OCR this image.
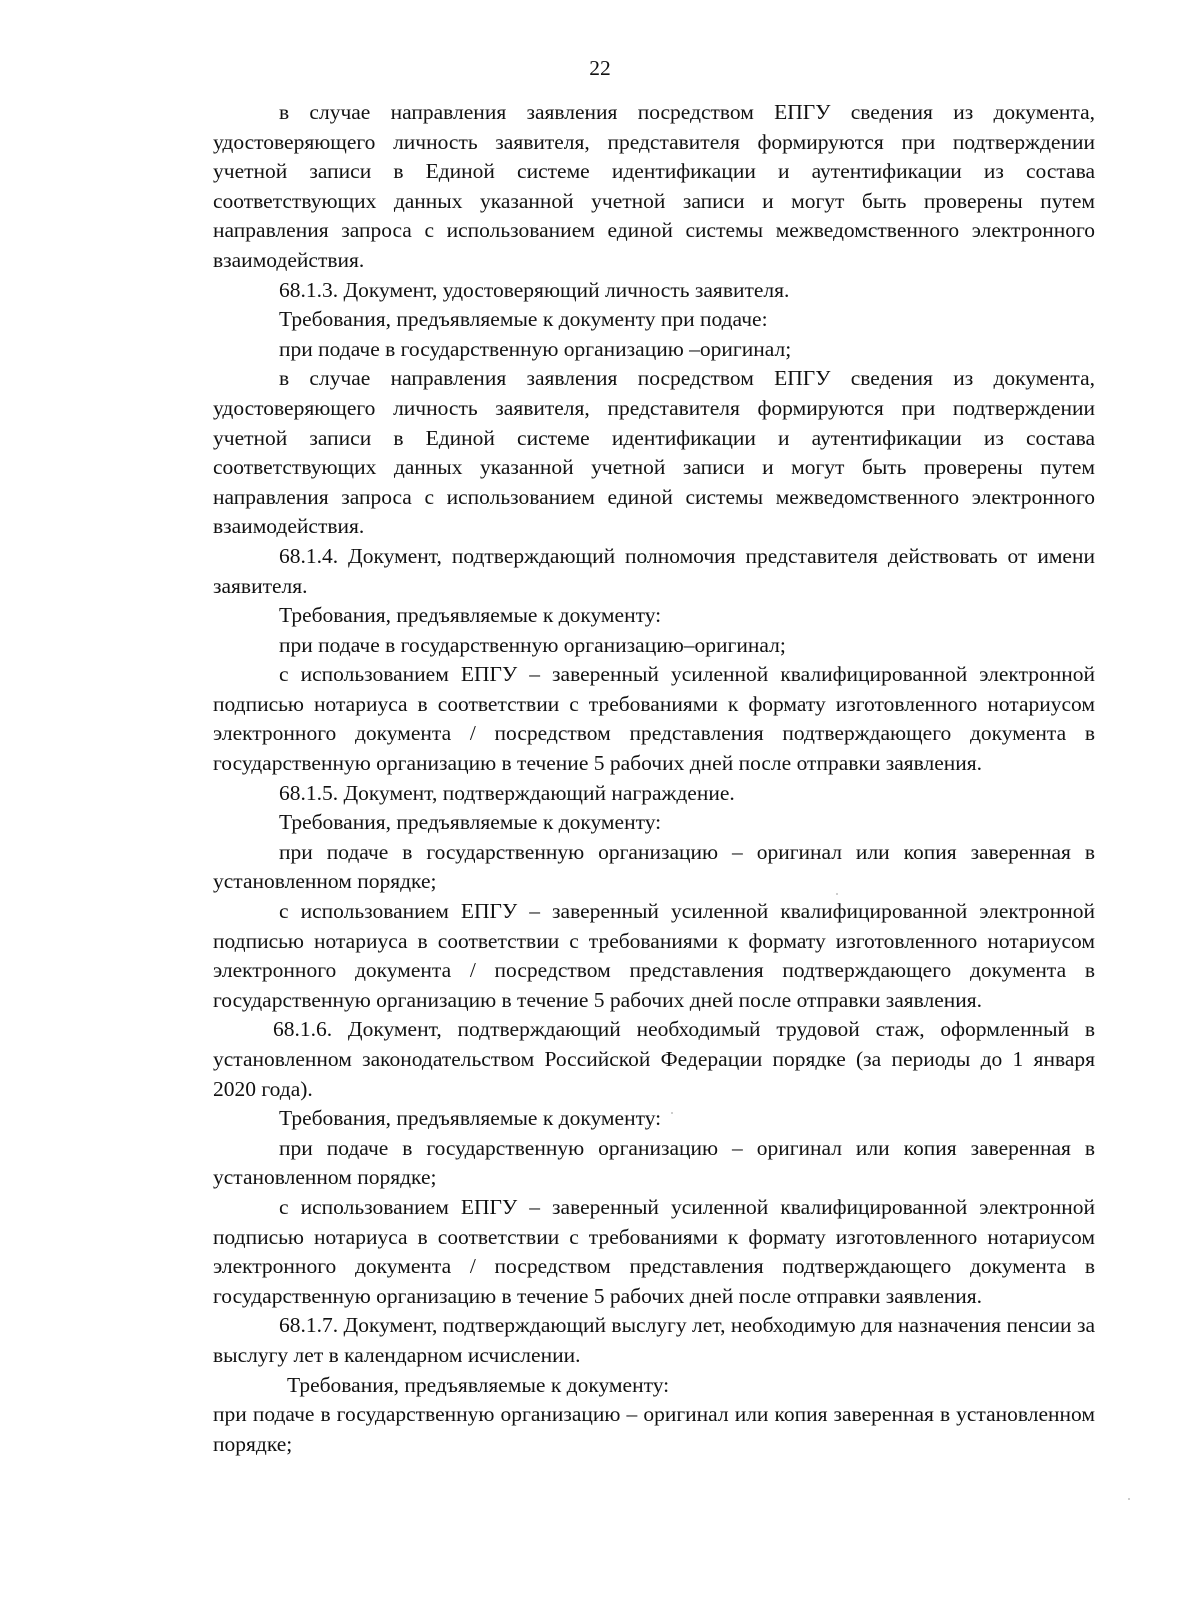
22

в случае направления заявления посредством ЕПГУ сведения из документа, удостоверяющего личность заявителя, представителя формируются при подтверждении учетной записи в Единой системе идентификации и аутентификации из состава соответствующих данных указанной учетной записи и могут быть проверены путем направления запроса с использованием единой системы межведомственного электронного взаимодействия.

68.1.3. Документ, удостоверяющий личность заявителя.

Требования, предъявляемые к документу при подаче:

при подаче в государственную организацию –оригинал;

в случае направления заявления посредством ЕПГУ сведения из документа, удостоверяющего личность заявителя, представителя формируются при подтверждении учетной записи в Единой системе идентификации и аутентификации из состава соответствующих данных указанной учетной записи и могут быть проверены путем направления запроса с использованием единой системы межведомственного электронного взаимодействия.

68.1.4. Документ, подтверждающий полномочия представителя действовать от имени заявителя.

Требования, предъявляемые к документу:

при подаче в государственную организацию–оригинал;

с использованием ЕПГУ – заверенный усиленной квалифицированной электронной подписью нотариуса в соответствии с требованиями к формату изготовленного нотариусом электронного документа / посредством представления подтверждающего документа в государственную организацию в течение 5 рабочих дней после отправки заявления.

68.1.5. Документ, подтверждающий награждение.

Требования, предъявляемые к документу:

при подаче в государственную организацию – оригинал или копия заверенная в установленном порядке;

с использованием ЕПГУ – заверенный усиленной квалифицированной электронной подписью нотариуса в соответствии с требованиями к формату изготовленного нотариусом электронного документа / посредством представления подтверждающего документа в государственную организацию в течение 5 рабочих дней после отправки заявления.

68.1.6. Документ, подтверждающий необходимый трудовой стаж, оформленный в установленном законодательством Российской Федерации порядке (за периоды до 1 января 2020 года).

Требования, предъявляемые к документу:

при подаче в государственную организацию – оригинал или копия заверенная в установленном порядке;

с использованием ЕПГУ – заверенный усиленной квалифицированной электронной подписью нотариуса в соответствии с требованиями к формату изготовленного нотариусом электронного документа / посредством представления подтверждающего документа в государственную организацию в течение 5 рабочих дней после отправки заявления.

68.1.7. Документ, подтверждающий выслугу лет, необходимую для назначения пенсии за выслугу лет в календарном исчислении.

Требования, предъявляемые к документу:

при подаче в государственную организацию – оригинал или копия заверенная в установленном порядке;
